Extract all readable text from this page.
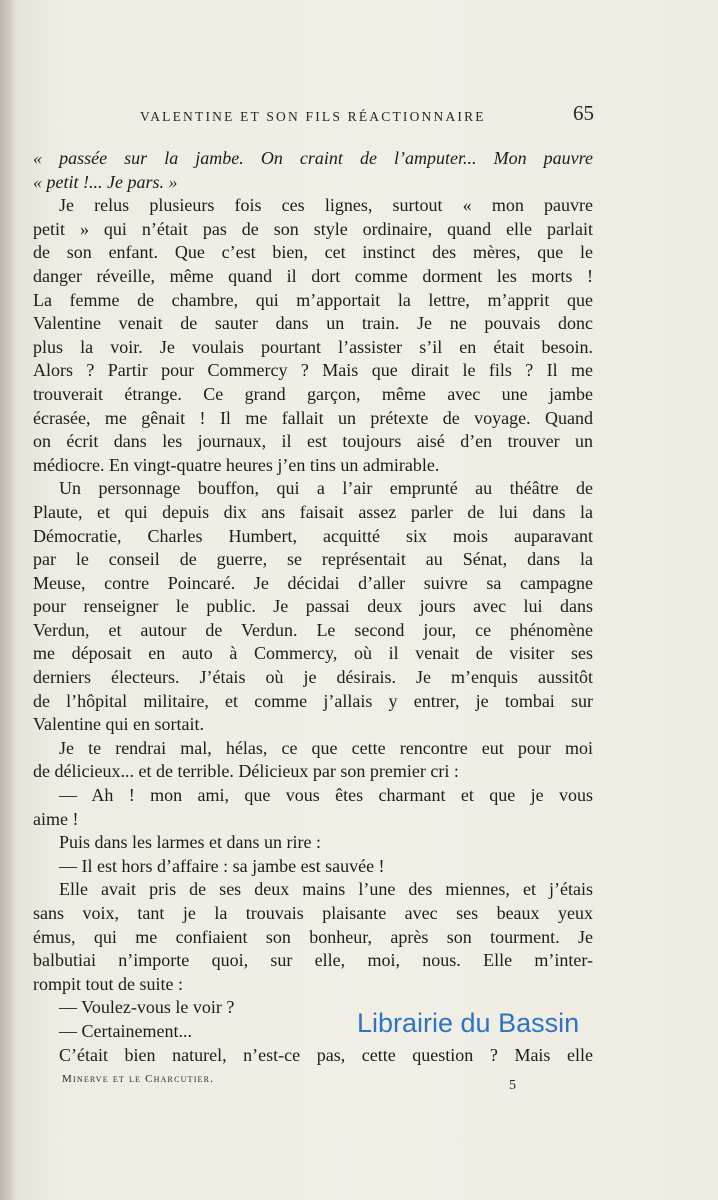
VALENTINE ET SON FILS RÉACTIONNAIRE	65
« passée sur la jambe. On craint de l’amputer... Mon pauvre
« petit !... Je pars. »
Je relus plusieurs fois ces lignes, surtout « mon pauvre
petit » qui n’était pas de son style ordinaire, quand elle parlait
de son enfant. Que c’est bien, cet instinct des mères, que le
danger réveille, même quand il dort comme dorment les morts !
La femme de chambre, qui m’apportait la lettre, m’apprit que
Valentine venait de sauter dans un train. Je ne pouvais donc
plus la voir. Je voulais pourtant l’assister s’il en était besoin.
Alors ? Partir pour Commercy ? Mais que dirait le fils ? Il me
trouverait étrange. Ce grand garçon, même avec une jambe
écrasée, me gênait ! Il me fallait un prétexte de voyage. Quand
on écrit dans les journaux, il est toujours aisé d’en trouver un
médiocre. En vingt-quatre heures j’en tins un admirable.
Un personnage bouffon, qui a l’air emprunté au théâtre de
Plaute, et qui depuis dix ans faisait assez parler de lui dans la
Démocratie, Charles Humbert, acquitté six mois auparavant
par le conseil de guerre, se représentait au Sénat, dans la
Meuse, contre Poincaré. Je décidai d’aller suivre sa campagne
pour renseigner le public. Je passai deux jours avec lui dans
Verdun, et autour de Verdun. Le second jour, ce phénomène
me déposait en auto à Commercy, où il venait de visiter ses
derniers électeurs. J’étais où je désirais. Je m’enquis aussitôt
de l’hôpital militaire, et comme j’allais y entrer, je tombai sur
Valentine qui en sortait.
Je te rendrai mal, hélas, ce que cette rencontre eut pour moi
de délicieux... et de terrible. Délicieux par son premier cri :
— Ah ! mon ami, que vous êtes charmant et que je vous
aime !
Puis dans les larmes et dans un rire :
— Il est hors d’affaire : sa jambe est sauvée !
Elle avait pris de ses deux mains l’une des miennes, et j’étais
sans voix, tant je la trouvais plaisante avec ses beaux yeux
émus, qui me confiaient son bonheur, après son tourment. Je
balbutiai n’importe quoi, sur elle, moi, nous. Elle m’inter-
rompit tout de suite :
— Voulez-vous le voir ?
— Certainement...
C’était bien naturel, n’est-ce pas, cette question ? Mais elle
Minerve et le Charcutier.	5
Librairie du Bassin
